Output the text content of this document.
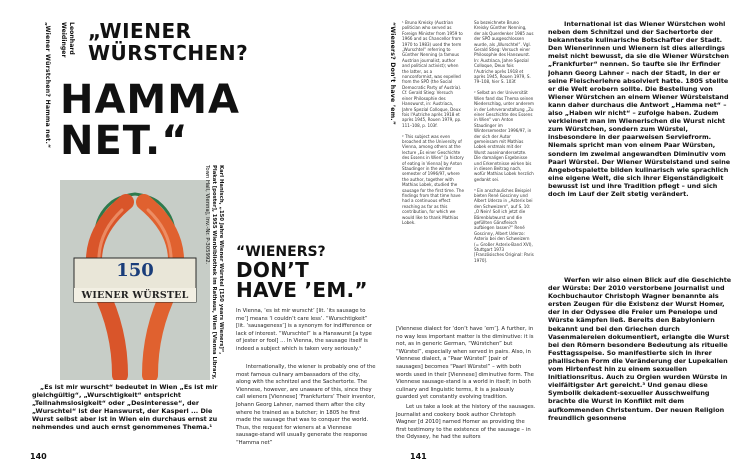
„Wiener Würstchen? Hamma net.“	Leonhard
Weidinger „WIENER
WÜRSTCHEN?
HAMMA
NET.“
150
WIENER WÜRSTEL	Karl Hanisch, „150 Jahre Wiener Würstel [150 years Wieners]“,
Plakat [poster], 1955 Wienbibliothek im Rathaus, Wien [Vienna Library,
Town Hall, Vienna], Inv.-Nr. P-305992. “WIENERS?
DON’T
HAVE ’EM.”
In Vienna, ‘es ist mir wurscht’ [lit. ‘its sausage to me’] means ‘I couldn’t care less’. “Wurschtigkeit” [lit. ‘sausageness’] is a synonym for indifference or lack of interest. “Wurschtel” is a Hanswurst [a type of jester or fool] ... In Vienna, the sausage itself is indeed a subject which is taken very seriously.¹
Internationally, the wiener is probably one of the most famous culinary ambassadors of the city, along with the schnitzel and the Sachertorte. The Viennese, however, are unaware of this, since they call wieners [Viennese] ‘Frankfurters’ Their inventor, Johann Georg Lahner, named them after the city where he trained as a butcher; in 1805 he first made the sausage that was to conquer the world. Thus, the request for wieners at a Viennese sausage-stand will usually generate the response “Hamma net”
„Es ist mir wurscht“ bedeutet in Wien „Es ist mir gleichgültig“, „Wurschtigkeit“ entspricht „Teilnahmslosigkeit“ oder „Desinteresse“, der „Wurschtel“ ist der Hanswurst, der Kasperl ... Die Wurst selbst aber ist in Wien ein durchaus ernst zu nehmendes und auch ernst genommenes Thema.¹
140
“Wieners? Don’t have ’em.” ¹ Bruno Kreisky (Austrian politician who served as Foreign Minister from 1959 to 1966 and as Chancellor from 1970 to 1983) used the term „Wurschtel“ referring to Günther Nenning (a famous Austrian journalist, author and political activist); when the latter, as a nonconformist, was expelled from the SPÖ (the Social Democratic Party of Austria). Cf. Gerald Stieg: Versuch einer Philosophie des Hanswurst, in: Austriaca, Jahre Spezial Colloque, Deux fois l'Autriche après 1918 et après 1945, Rouen 1979, pp. 111–108, p. 103f.

² This subject was even broached at the University of Vienna, among others at the lecture „Es einer Geschichte des Essens in Wien“ [a history of eating in Vienna] by Anton Staudinger in the winter semester of 1996/97, where the author, together with Mathias Lobek, studied the sausage for the first time. The findings from that time have had a continuous effect reaching as far as this contribution, for which we would like to thank Mathias Lobek.
So bezeichnete Bruno Kreisky Günther Nenning, der als Querdenker 1985 aus der SPÖ ausgeschlossen wurde, als „Wurschtel“. Vgl. Gerald Stieg: Versuch einer Philosophie des Hanswurst. In: Austriaca, Jahre Spezial Colloque, Deux fois l'Autriche après 1918 et après 1945, Rouen 1979, S. 79–108, hier S. 103f.

² Selbst an der Universität Wien fand das Thema seinen Niederschlag, unter anderem in der Lehrveranstaltung „Zu einer Geschichte des Essens in Wien“ von Anton Staudinger im Wintersemester 1996/97, in der sich der Autor gemeinsam mit Mathias Lobek erstmals mit der Wurst auseinandersetzte. Die damaligen Ergebnisse und Erkenntnisse wirken bis in diesen Beitrag nach, wofür Mathias Lobek herzlich gedankt sei.

³ Ein anschauliches Beispiel bieten René Goscinny und Albert Uderzo in „Asterix bei den Schweizern“, auf S. 10: „O Nein! Soll ich jetzt die Bärenblutwurst und die gefüllten Gänsfleisch aufbiegen lassen?“ René Goscinny, Albert Uderzo: Asterix bei den Schweizern (= Großer Asterix-Band XVI), Stuttgart 1973 [Französisches Original: Paris 1970].
[Viennese dialect for ‘don’t have ’em’]. A further, in no way less important matter is the diminutive: it is not, as in generic German, “Würstchen” but “Würstel”, especially when served in pairs. Also, in Viennese dialect, a “Paar Würstel” [pair of sausages] becomes “Paarl Würstel” – with both words used in their [Viennese] diminutive form. The Viennese sausage-stand is a world in itself; in both culinary and linguistic terms, it is a jealously guarded yet constantly evolving tradition.
Let us take a look at the history of the sausages. Journalist and cookery book author Christoph Wagner [d 2010] named Homer as providing the first testimony to the existence of the sausage – in the Odyssey, he had the suitors
International ist das Wiener Würstchen wohl neben dem Schnitzel und der Sachertorte der bekannteste kulinarische Botschafter der Stadt. Den Wienerinnen und Wienern ist dies allerdings meist nicht bewusst, da sie die Wiener Würstchen „Frankfurter“ nennen. So taufte sie ihr Erfinder Johann Georg Lahner – nach der Stadt, in der er seine Fleischerlehre absolviert hatte. 1805 stellte er die Welt erobern sollte. Die Bestellung von Wiener Würstchen an einem Wiener Würstelstand kann daher durchaus die Antwort „Hamma net“ – also „Haben wir nicht“ – zufolge haben. Zudem verkleinert man im Wienerischen die Wurst nicht zum Würstchen, sondern zum Würstel, insbesondere in der paarweisen Serviefrorm. Niemals spricht man von einem Paar Würsten, sondern im zweimal angewandten Diminutiv vom Paarl Würstel. Der Wiener Würstelstand und seine Angebotspalette bilden kulinarisch wie sprachlich eine eigene Welt, die sich ihrer Eigenständigkeit bewusst ist und ihre Tradition pflegt – und sich doch im Lauf der Zeit stetig verändert.
Werfen wir also einen Blick auf die Geschichte der Würste: Der 2010 verstorbene Journalist und Kochbuchautor Christoph Wagner benannte als ersten Zeugen für die Existenz der Wurst Homer, der in der Odyssee die Freier um Penelope und Würste kämpfen ließ. Bereits den Babyloniern bekannt und bei den Griechen durch Vasenmalereien dokumentiert, erlangte die Wurst bei den Römern besondere Bedeutung als rituelle Festtagsspeise. So manifestierte sich in ihrer phallischen Form die Veränderung der Lupekalien vom Hirtenfest hin zu einem sexuellen Initiationsritus. Auch zu Orgien wurden Würste in vielfältigster Art gereicht.³ Und genau diese Symbolik dekadent-sexueller Ausschweifung brachte die Wurst in Konflikt mit dem aufkommenden Christentum. Der neuen Religion freundlich gesonnene
141
